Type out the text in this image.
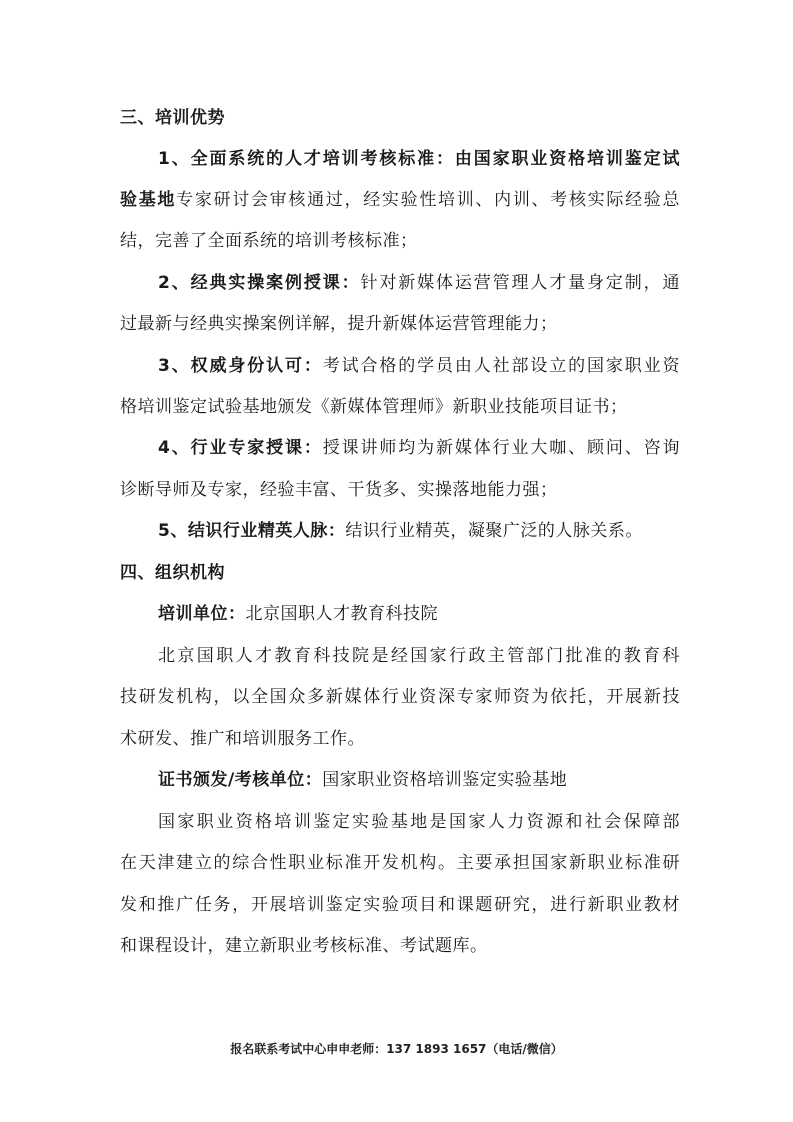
三、培训优势
1、全面系统的人才培训考核标准：由国家职业资格培训鉴定试
验基地专家研讨会审核通过，经实验性培训、内训、考核实际经验总
结，完善了全面系统的培训考核标准；
2、经典实操案例授课：针对新媒体运营管理人才量身定制，通
过最新与经典实操案例详解，提升新媒体运营管理能力；
3、权威身份认可：考试合格的学员由人社部设立的国家职业资
格培训鉴定试验基地颁发《新媒体管理师》新职业技能项目证书；
4、行业专家授课：授课讲师均为新媒体行业大咖、顾问、咨询
诊断导师及专家，经验丰富、干货多、实操落地能力强；
5、结识行业精英人脉：结识行业精英，凝聚广泛的人脉关系。
四、组织机构
培训单位：北京国职人才教育科技院
北京国职人才教育科技院是经国家行政主管部门批准的教育科
技研发机构，以全国众多新媒体行业资深专家师资为依托，开展新技
术研发、推广和培训服务工作。
证书颁发/考核单位：国家职业资格培训鉴定实验基地
国家职业资格培训鉴定实验基地是国家人力资源和社会保障部
在天津建立的综合性职业标准开发机构。主要承担国家新职业标准研
发和推广任务，开展培训鉴定实验项目和课题研究，进行新职业教材
和课程设计，建立新职业考核标准、考试题库。
报名联系考试中心申申老师：137 1893 1657（电话/微信）
